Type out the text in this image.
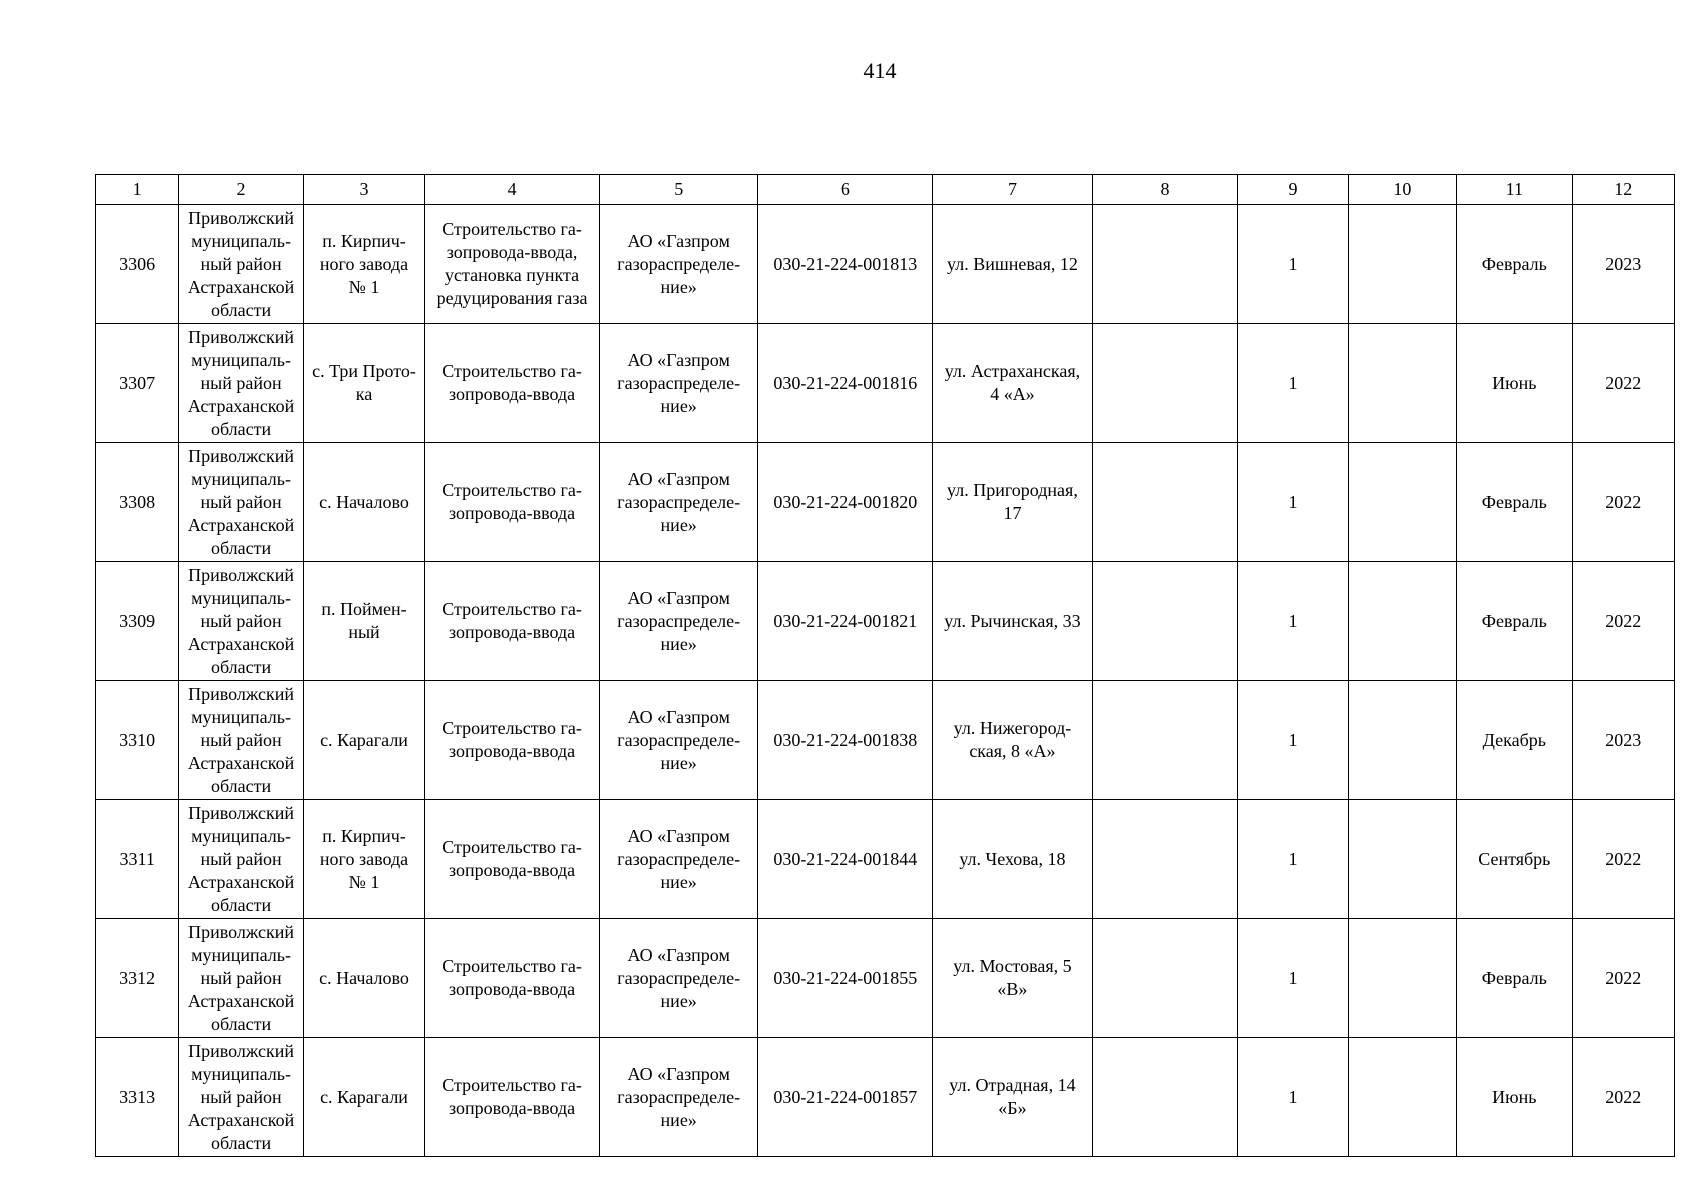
414
1	2	3	4	5	6	7	8	9	10	11	12
3306	Приволжский
муниципаль-
ный район
Астраханской
области	п. Кирпич-
ного завода
№ 1	Строительство га-
зопровода-ввода,
установка пункта
редуцирования газа	АО «Газпром
газораспределе-
ние»	030-21-224-001813	ул. Вишневая, 12		1		Февраль	2023
3307	Приволжский
муниципаль-
ный район
Астраханской
области	с. Три Прото-
ка	Строительство га-
зопровода-ввода	АО «Газпром
газораспределе-
ние»	030-21-224-001816	ул. Астраханская,
4 «А»		1		Июнь	2022
3308	Приволжский
муниципаль-
ный район
Астраханской
области	с. Началово	Строительство га-
зопровода-ввода	АО «Газпром
газораспределе-
ние»	030-21-224-001820	ул. Пригородная,
17		1		Февраль	2022
3309	Приволжский
муниципаль-
ный район
Астраханской
области	п. Поймен-
ный	Строительство га-
зопровода-ввода	АО «Газпром
газораспределе-
ние»	030-21-224-001821	ул. Рычинская, 33		1		Февраль	2022
3310	Приволжский
муниципаль-
ный район
Астраханской
области	с. Карагали	Строительство га-
зопровода-ввода	АО «Газпром
газораспределе-
ние»	030-21-224-001838	ул. Нижегород-
ская, 8 «А»		1		Декабрь	2023
3311	Приволжский
муниципаль-
ный район
Астраханской
области	п. Кирпич-
ного завода
№ 1	Строительство га-
зопровода-ввода	АО «Газпром
газораспределе-
ние»	030-21-224-001844	ул. Чехова, 18		1		Сентябрь	2022
3312	Приволжский
муниципаль-
ный район
Астраханской
области	с. Началово	Строительство га-
зопровода-ввода	АО «Газпром
газораспределе-
ние»	030-21-224-001855	ул. Мостовая, 5
«В»		1		Февраль	2022
3313	Приволжский
муниципаль-
ный район
Астраханской
области	с. Карагали	Строительство га-
зопровода-ввода	АО «Газпром
газораспределе-
ние»	030-21-224-001857	ул. Отрадная, 14
«Б»		1		Июнь	2022
